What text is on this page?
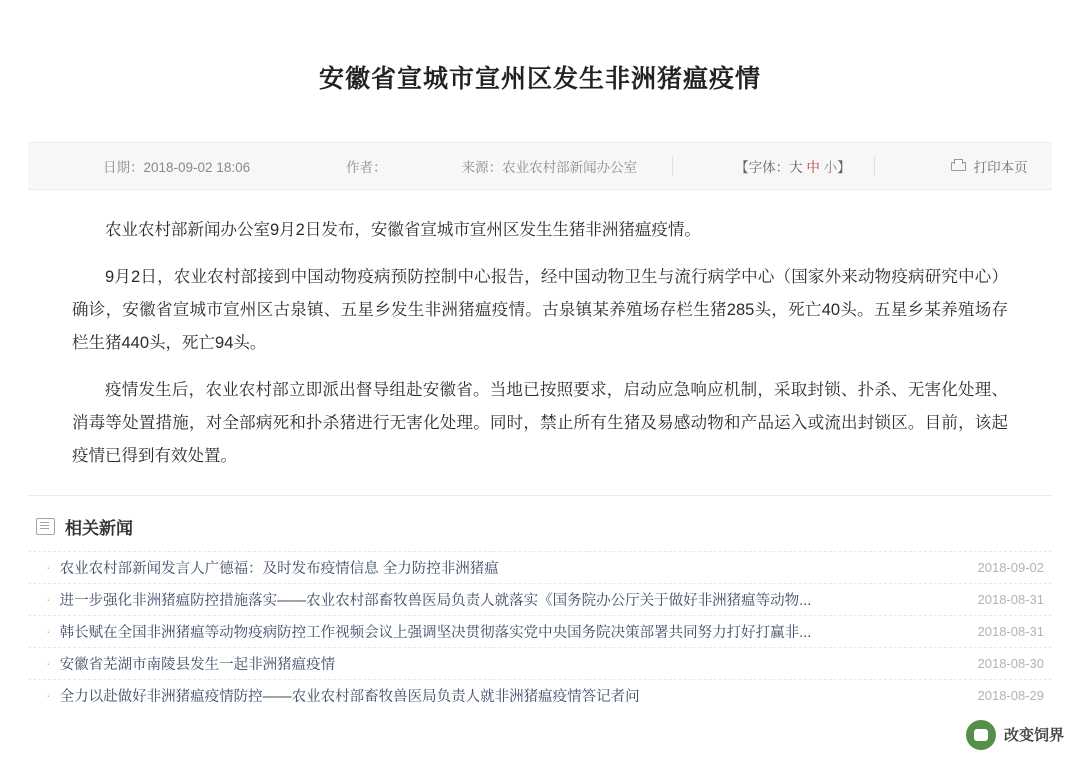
安徽省宣城市宣州区发生非洲猪瘟疫情
日期：2018-09-02 18:06	作者：	来源：农业农村部新闻办公室	【字体：大 中 小】	打印本页

农业农村部新闻办公室9月2日发布，安徽省宣城市宣州区发生生猪非洲猪瘟疫情。

9月2日，农业农村部接到中国动物疫病预防控制中心报告，经中国动物卫生与流行病学中心（国家外来动物疫病研究中心）确诊，安徽省宣城市宣州区古泉镇、五星乡发生非洲猪瘟疫情。古泉镇某养殖场存栏生猪285头，死亡40头。五星乡某养殖场存栏生猪440头，死亡94头。

疫情发生后，农业农村部立即派出督导组赴安徽省。当地已按照要求，启动应急响应机制，采取封锁、扑杀、无害化处理、消毒等处置措施，对全部病死和扑杀猪进行无害化处理。同时，禁止所有生猪及易感动物和产品运入或流出封锁区。目前，该起疫情已得到有效处置。

相关新闻
· 农业农村部新闻发言人广德福：及时发布疫情信息 全力防控非洲猪瘟	2018-09-02
· 进一步强化非洲猪瘟防控措施落实——农业农村部畜牧兽医局负责人就落实《国务院办公厅关于做好非洲猪瘟等动物...	2018-08-31
· 韩长赋在全国非洲猪瘟等动物疫病防控工作视频会议上强调坚决贯彻落实党中央国务院决策部署共同努力打好打赢非...	2018-08-31
· 安徽省芜湖市南陵县发生一起非洲猪瘟疫情	2018-08-30
· 全力以赴做好非洲猪瘟疫情防控——农业农村部畜牧兽医局负责人就非洲猪瘟疫情答记者问	2018-08-29
改变饲界
